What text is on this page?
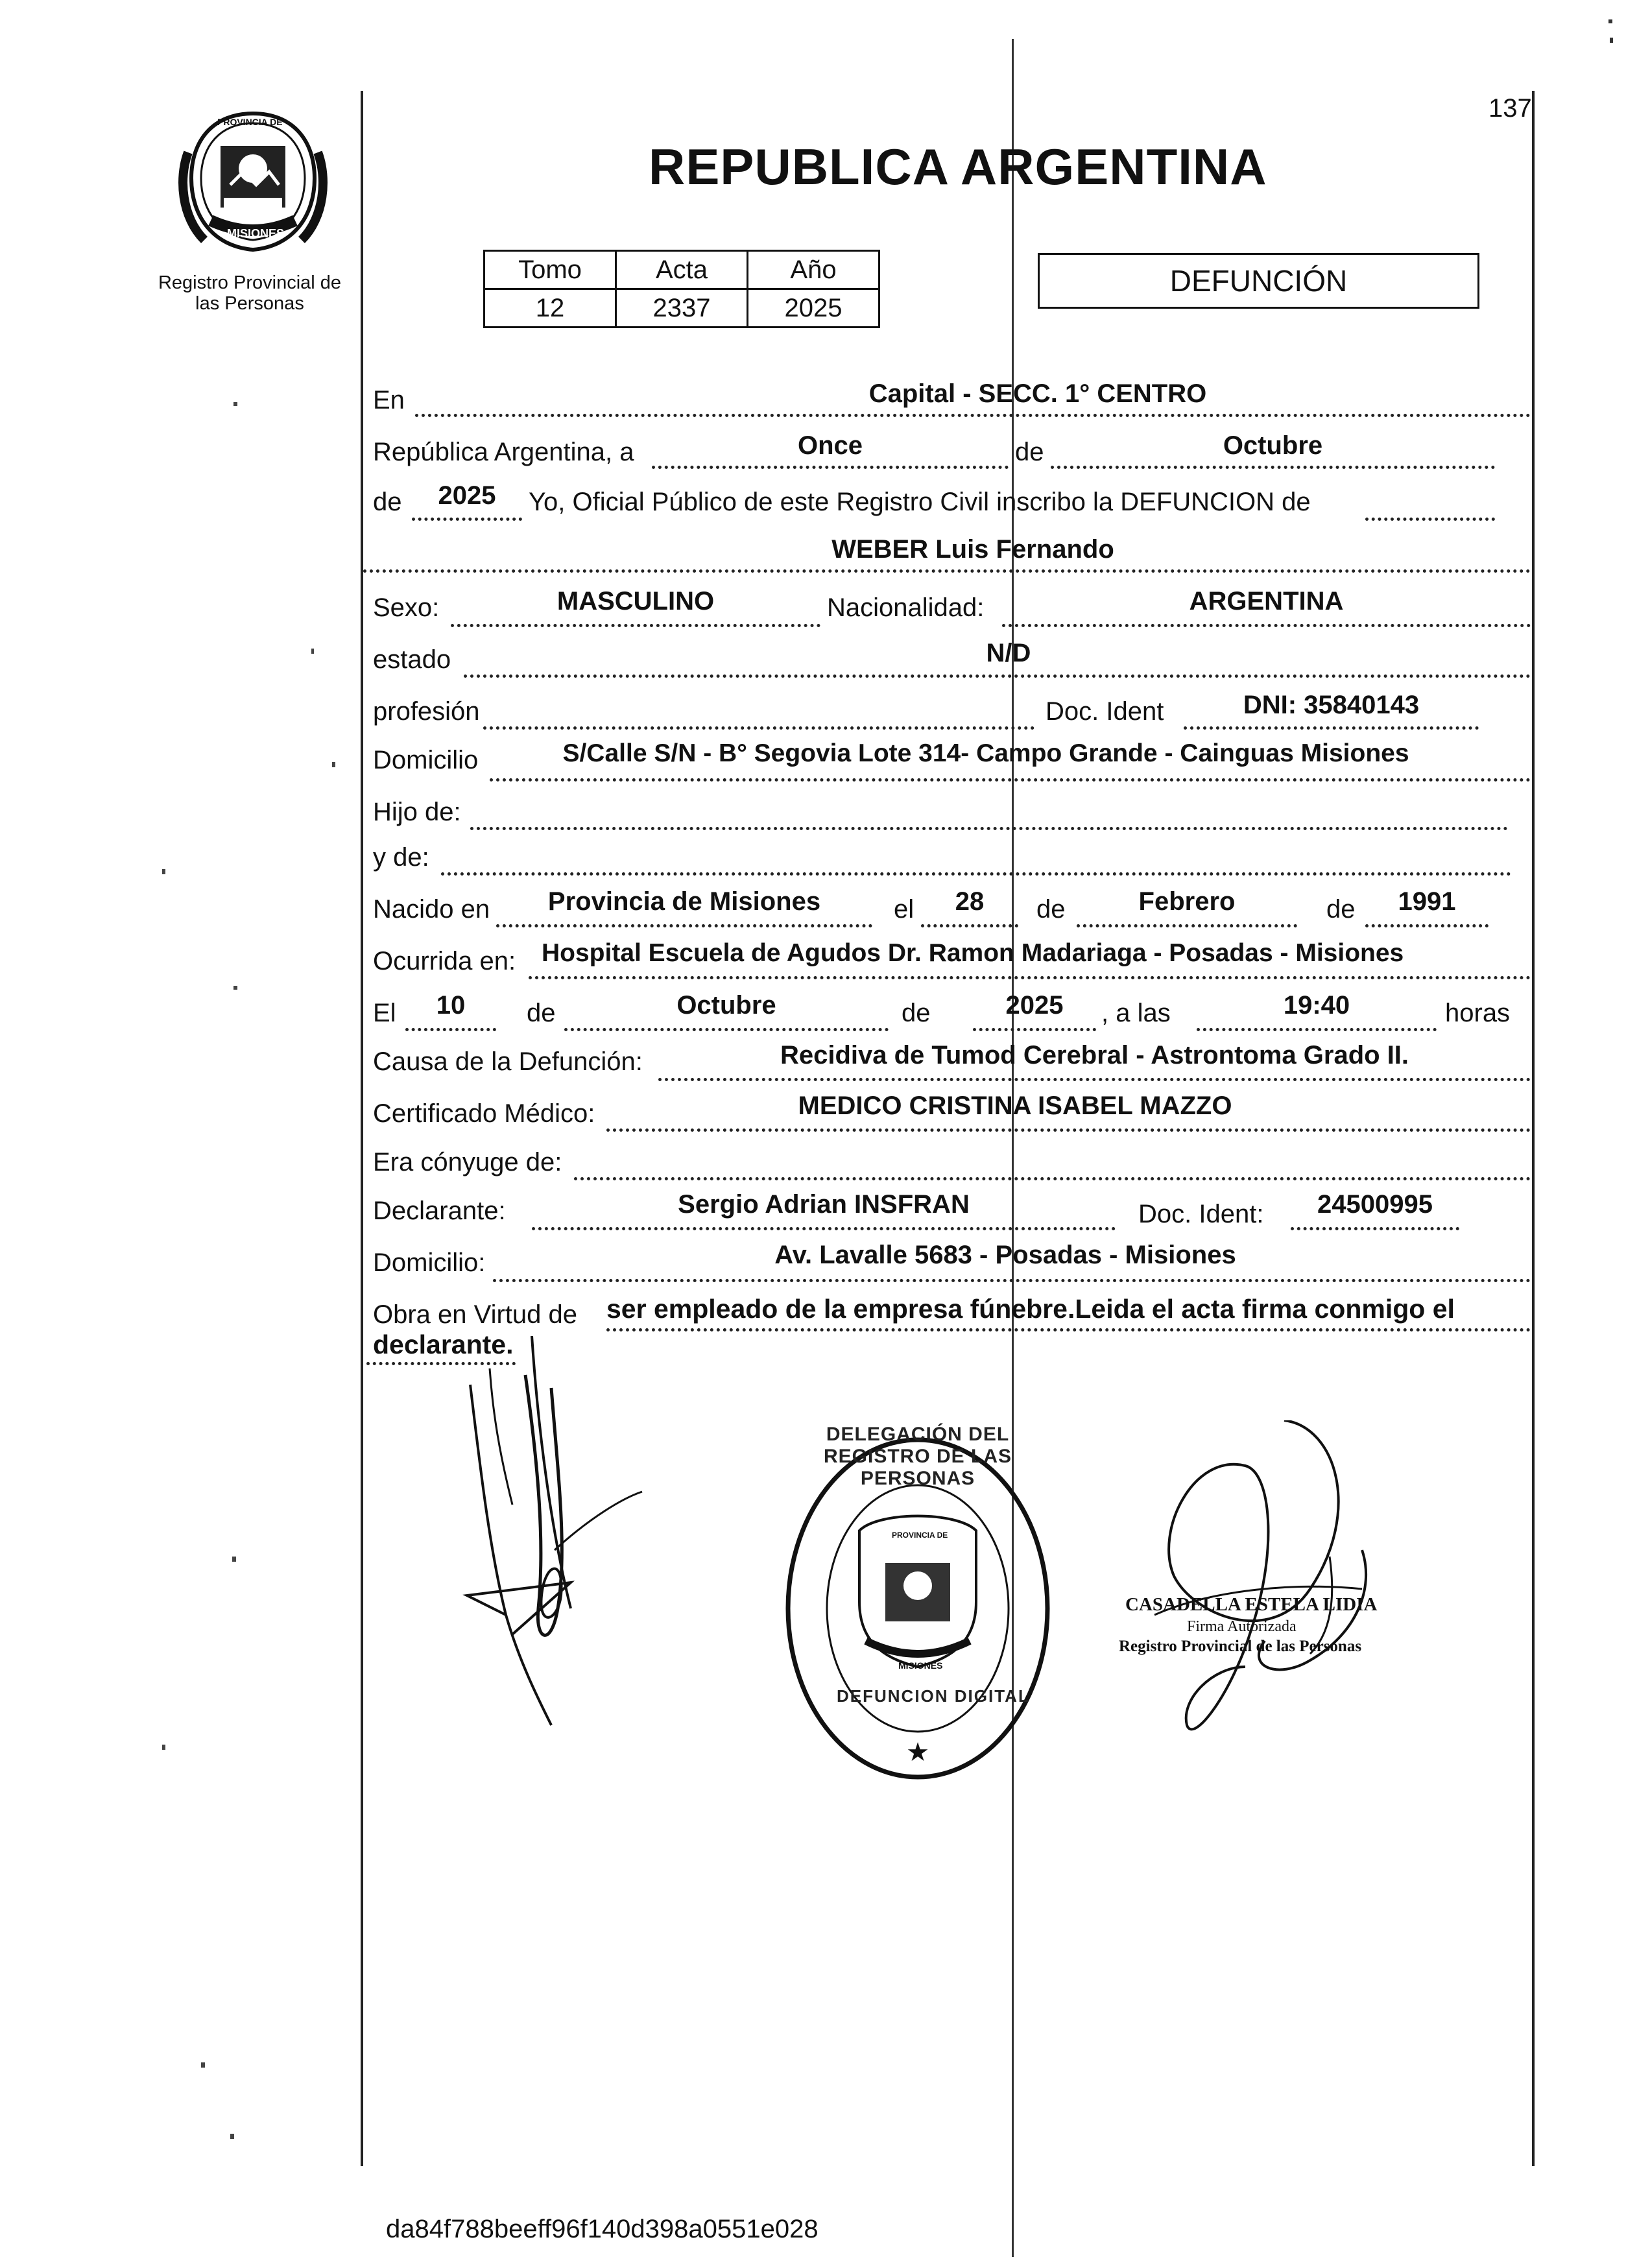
137
PROVINCIA DE
MISIONES
Registro Provincial de
las Personas
REPUBLICA ARGENTINA
Tomo	Acta	Año
12	2337	2025
DEFUNCIÓN
En	Capital - SECC. 1° CENTRO
República Argentina, a	Once	de	Octubre
de	2025	Yo, Oficial Público de este Registro Civil inscribo la DEFUNCION de
WEBER Luis Fernando
Sexo:	MASCULINO	Nacionalidad:	ARGENTINA
estado	N/D
profesión	Doc. Ident	DNI: 35840143
Domicilio	S/Calle S/N - B° Segovia Lote 314- Campo Grande - Cainguas Misiones
Hijo de:
y de:
Nacido en	Provincia de Misiones	el	28	de	Febrero	de	1991
Ocurrida en: Hospital Escuela de Agudos Dr. Ramon Madariaga - Posadas - Misiones
El	10	de	Octubre	de	2025	, a las	19:40	horas
Causa de la Defunción:	Recidiva de Tumod Cerebral - Astrontoma Grado II.
Certificado Médico:	MEDICO CRISTINA ISABEL MAZZO
Era cónyuge de:
Declarante:	Sergio Adrian INSFRAN	Doc. Ident:	24500995
Domicilio:	Av. Lavalle 5683 - Posadas - Misiones
Obra en Virtud de ser empleado de la empresa fúnebre.Leida el acta firma conmigo el
declarante.
★
DELEGACIÓN DEL REGISTRO DE LAS PERSONAS
DEFUNCION DIGITAL
PROVINCIA DE
MISIONES
CASADELLA ESTELA LIDIA
Firma Autorizada
Registro Provincial de las Personas
da84f788beeff96f140d398a0551e028
